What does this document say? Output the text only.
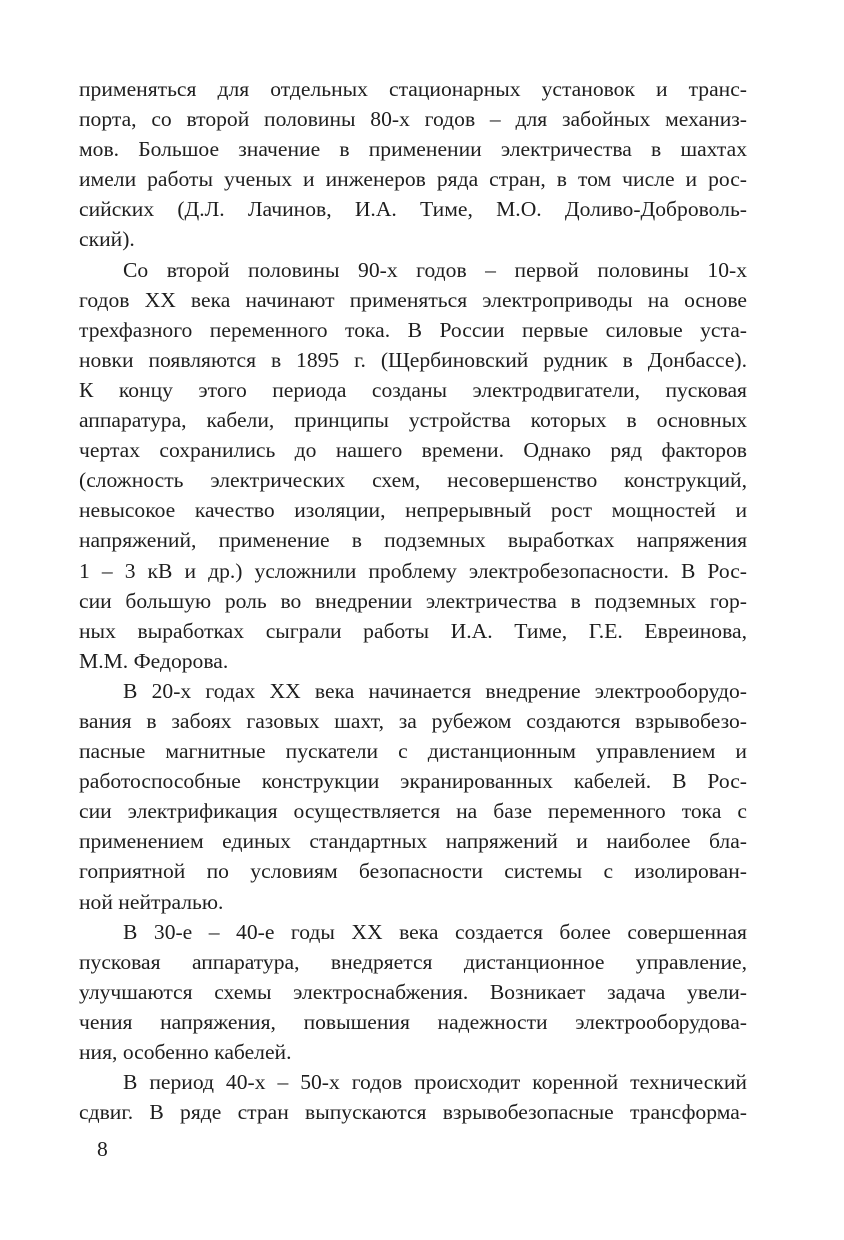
применяться для отдельных стационарных установок и транс-
порта, со второй половины 80-х годов – для забойных механиз-
мов. Большое значение в применении электричества в шахтах
имели работы ученых и инженеров ряда стран, в том числе и рос-
сийских (Д.Л. Лачинов, И.А. Тиме, М.О. Доливо-Доброволь-
ский).
Со второй половины 90-х годов – первой половины 10-х
годов XX века начинают применяться электроприводы на основе
трехфазного переменного тока. В России первые силовые уста-
новки появляются в 1895 г. (Щербиновский рудник в Донбассе).
К концу этого периода созданы электродвигатели, пусковая
аппаратура, кабели, принципы устройства которых в основных
чертах сохранились до нашего времени. Однако ряд факторов
(сложность электрических схем, несовершенство конструкций,
невысокое качество изоляции, непрерывный рост мощностей и
напряжений, применение в подземных выработках напряжения
1 – 3 кВ и др.) усложнили проблему электробезопасности. В Рос-
сии большую роль во внедрении электричества в подземных гор-
ных выработках сыграли работы И.А. Тиме, Г.Е. Евреинова,
М.М. Федорова.
В 20-х годах XX века начинается внедрение электрооборудо-
вания в забоях газовых шахт, за рубежом создаются взрывобезо-
пасные магнитные пускатели с дистанционным управлением и
работоспособные конструкции экранированных кабелей. В Рос-
сии электрификация осуществляется на базе переменного тока с
применением единых стандартных напряжений и наиболее бла-
гоприятной по условиям безопасности системы с изолирован-
ной нейтралью.
В 30-е – 40-е годы XX века создается более совершенная
пусковая аппаратура, внедряется дистанционное управление,
улучшаются схемы электроснабжения. Возникает задача увели-
чения напряжения, повышения надежности электрооборудова-
ния, особенно кабелей.
В период 40-х – 50-х годов происходит коренной технический
сдвиг. В ряде стран выпускаются взрывобезопасные трансформа-
8
